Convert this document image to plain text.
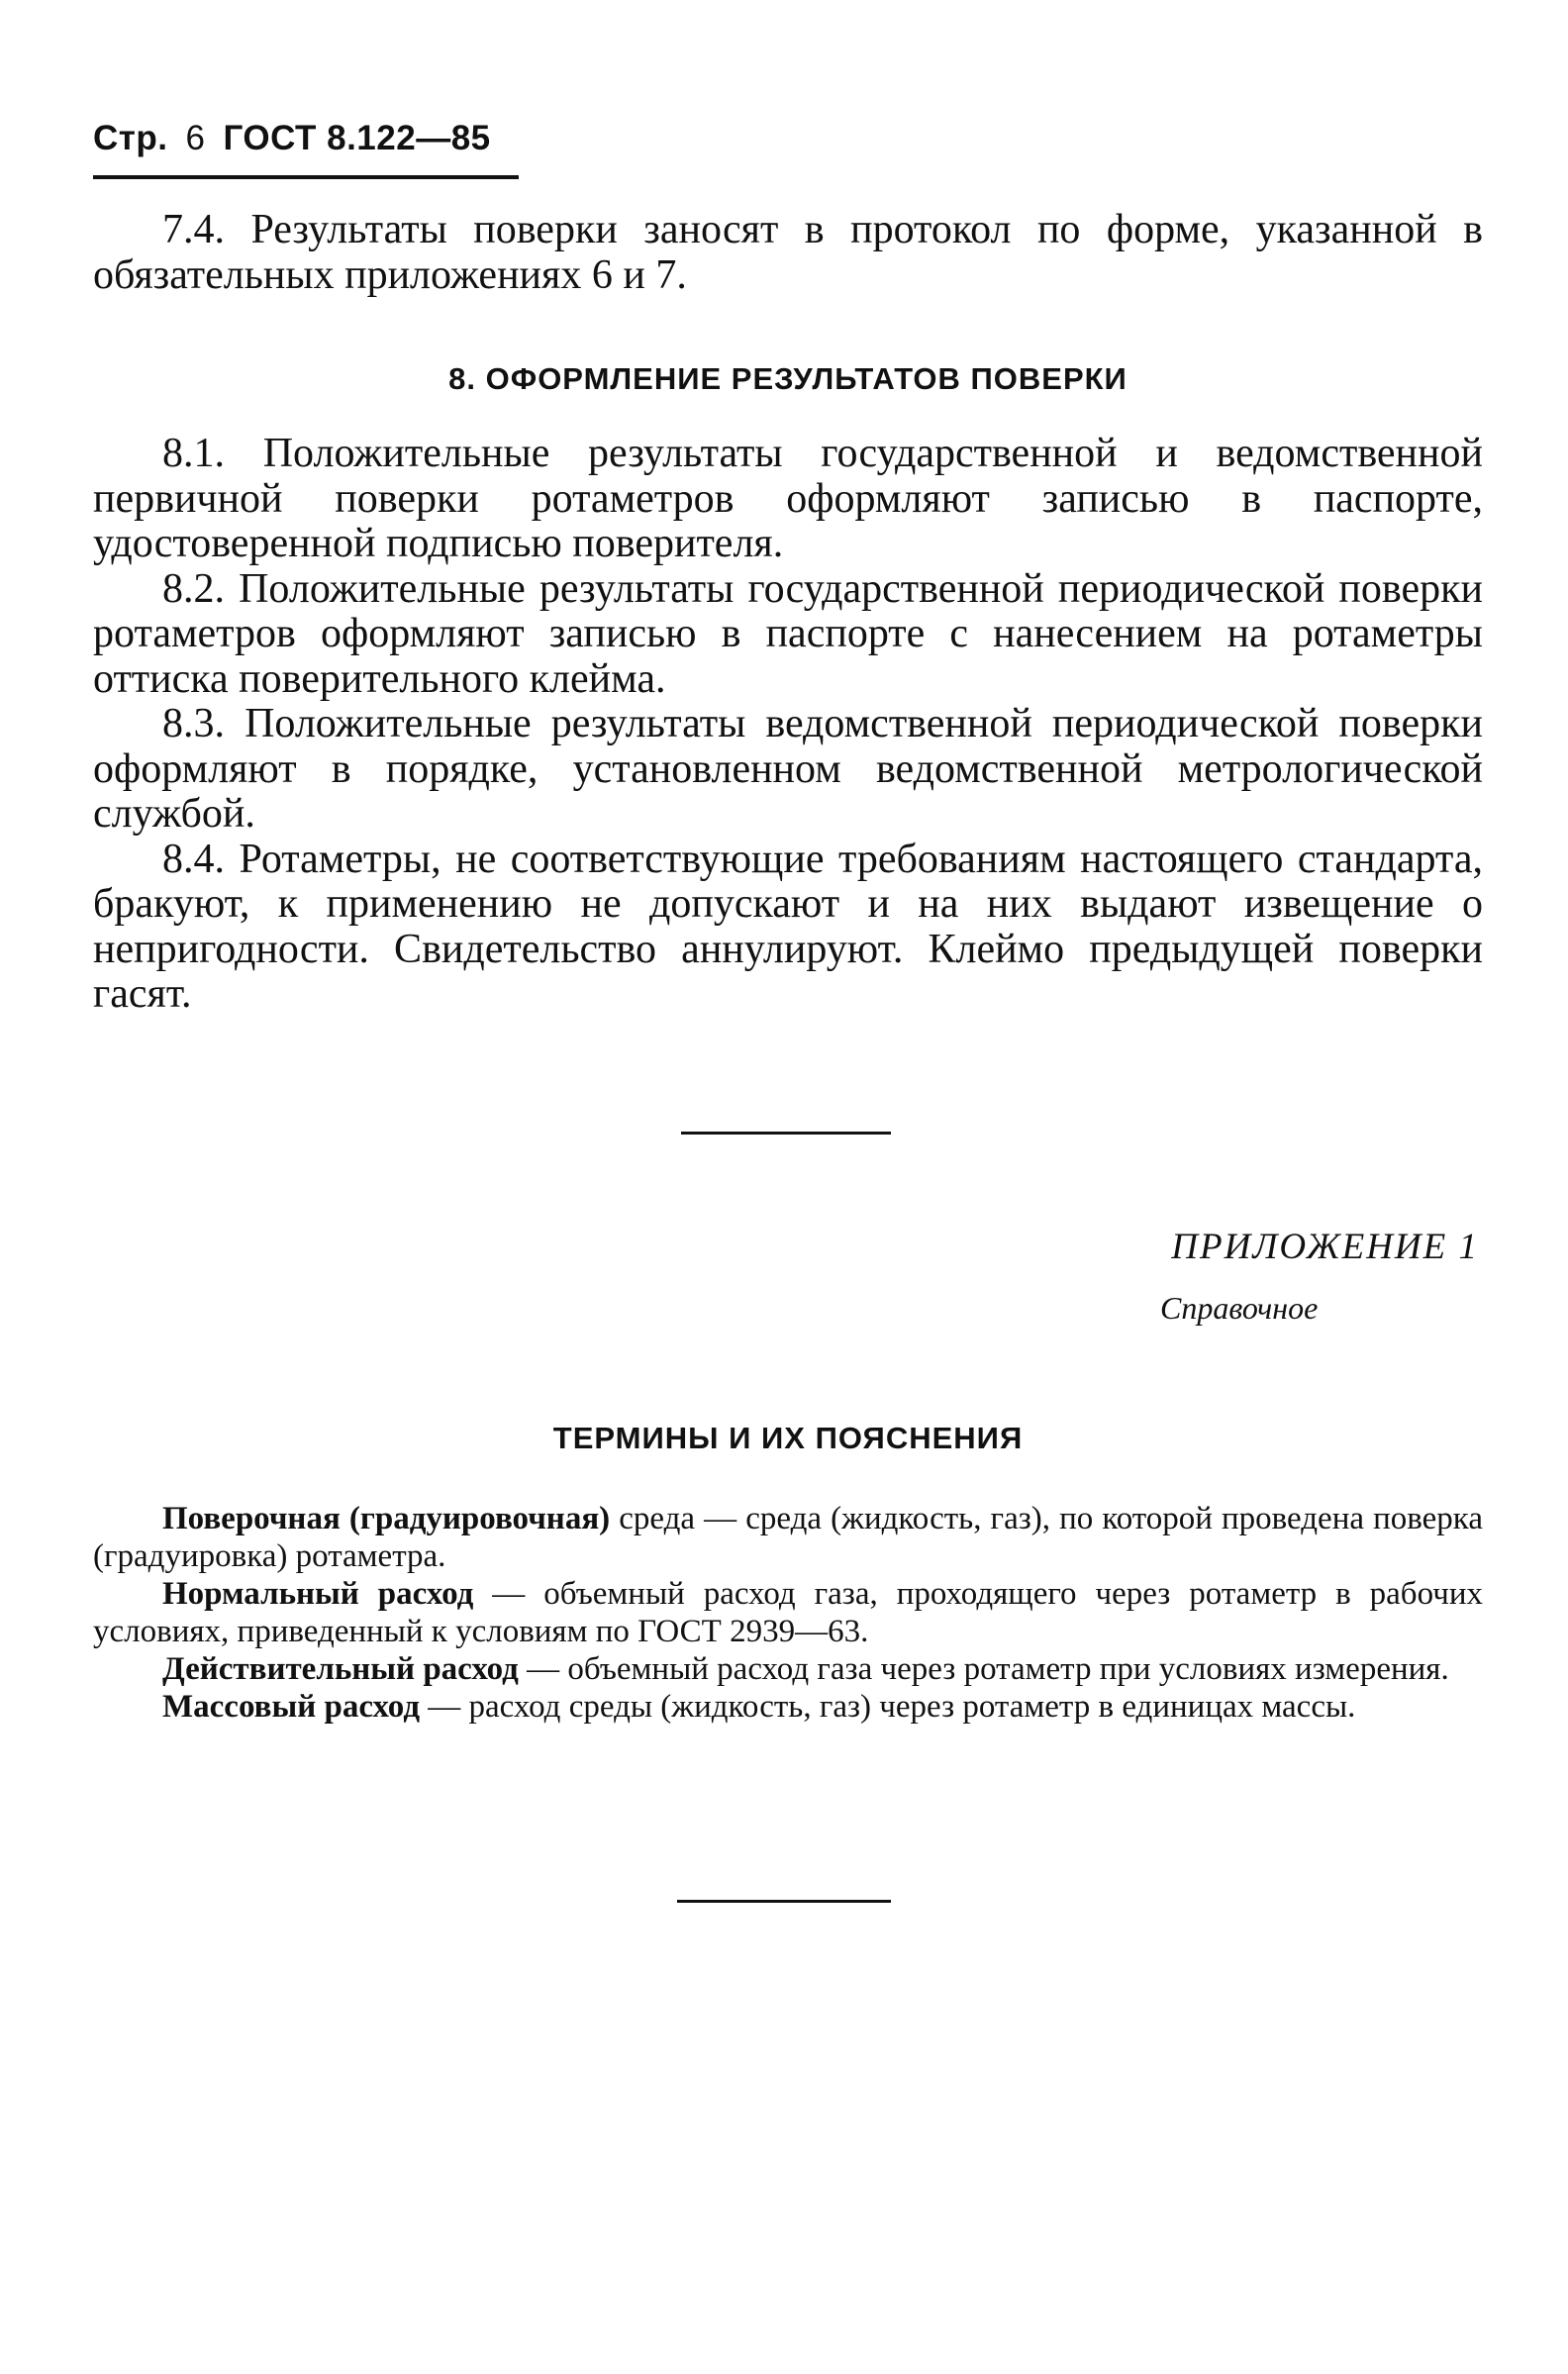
Стр. 6 ГОСТ 8.122—85

7.4. Результаты поверки заносят в протокол по форме, указанной в обязательных приложениях 6 и 7.

8. ОФОРМЛЕНИЕ РЕЗУЛЬТАТОВ ПОВЕРКИ

8.1. Положительные результаты государственной и ведомственной первичной поверки ротаметров оформляют записью в паспорте, удостоверенной подписью поверителя.

8.2. Положительные результаты государственной периодической поверки ротаметров оформляют записью в паспорте с нанесением на ротаметры оттиска поверительного клейма.

8.3. Положительные результаты ведомственной периодической поверки оформляют в порядке, установленном ведомственной метрологической службой.

8.4. Ротаметры, не соответствующие требованиям настоящего стандарта, бракуют, к применению не допускают и на них выдают извещение о непригодности. Свидетельство аннулируют. Клеймо предыдущей поверки гасят.

ПРИЛОЖЕНИЕ 1
Справочное
ТЕРМИНЫ И ИХ ПОЯСНЕНИЯ

Поверочная (градуировочная) среда — среда (жидкость, газ), по которой проведена поверка (градуировка) ротаметра.

Нормальный расход — объемный расход газа, проходящего через ротаметр в рабочих условиях, приведенный к условиям по ГОСТ 2939—63.

Действительный расход — объемный расход газа через ротаметр при условиях измерения.

Массовый расход — расход среды (жидкость, газ) через ротаметр в единицах массы.
